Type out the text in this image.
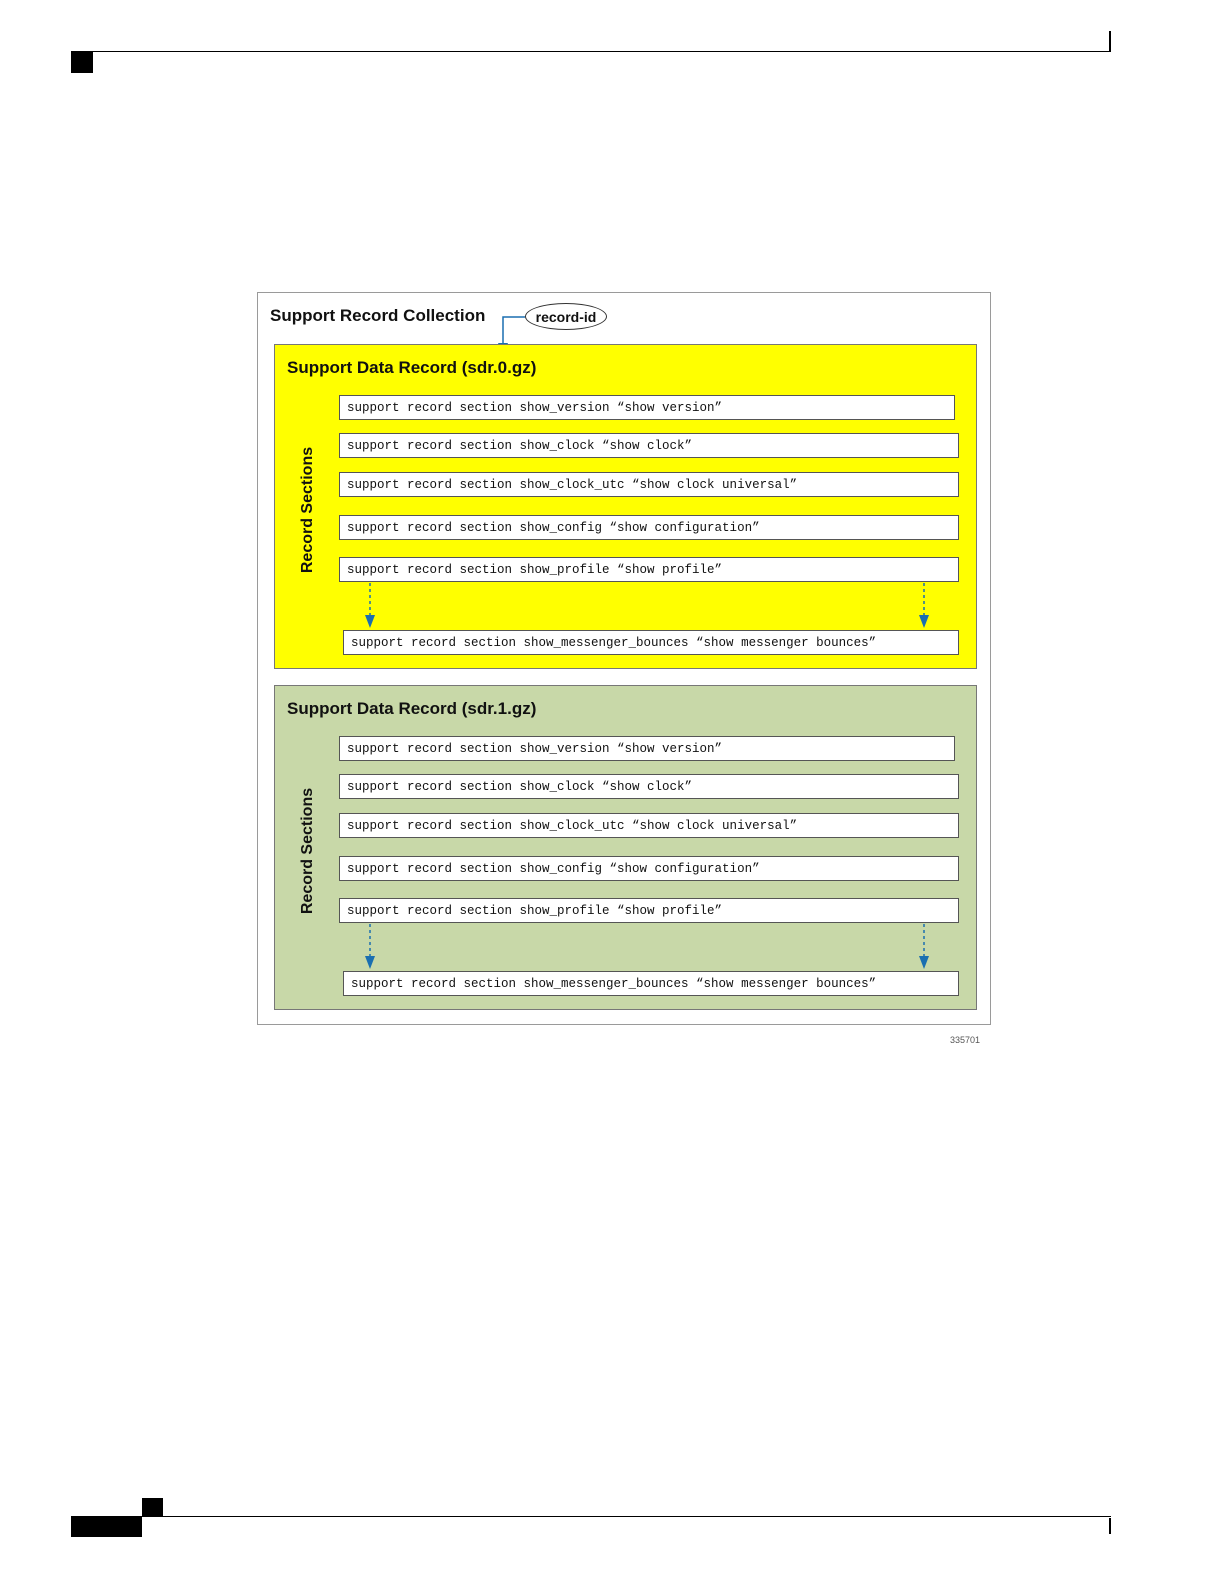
Support Record Collection	record-id
Support Data Record (sdr.0.gz)
Record Sections
support record section show_version “show version”
support record section show_clock “show clock”
support record section show_clock_utc “show clock universal”
support record section show_config “show configuration”
support record section show_profile “show profile”
support record section show_messenger_bounces “show messenger bounces”
Support Data Record (sdr.1.gz)
Record Sections
support record section show_version “show version”
support record section show_clock “show clock”
support record section show_clock_utc “show clock universal”
support record section show_config “show configuration”
support record section show_profile “show profile”
support record section show_messenger_bounces “show messenger bounces”
335701
